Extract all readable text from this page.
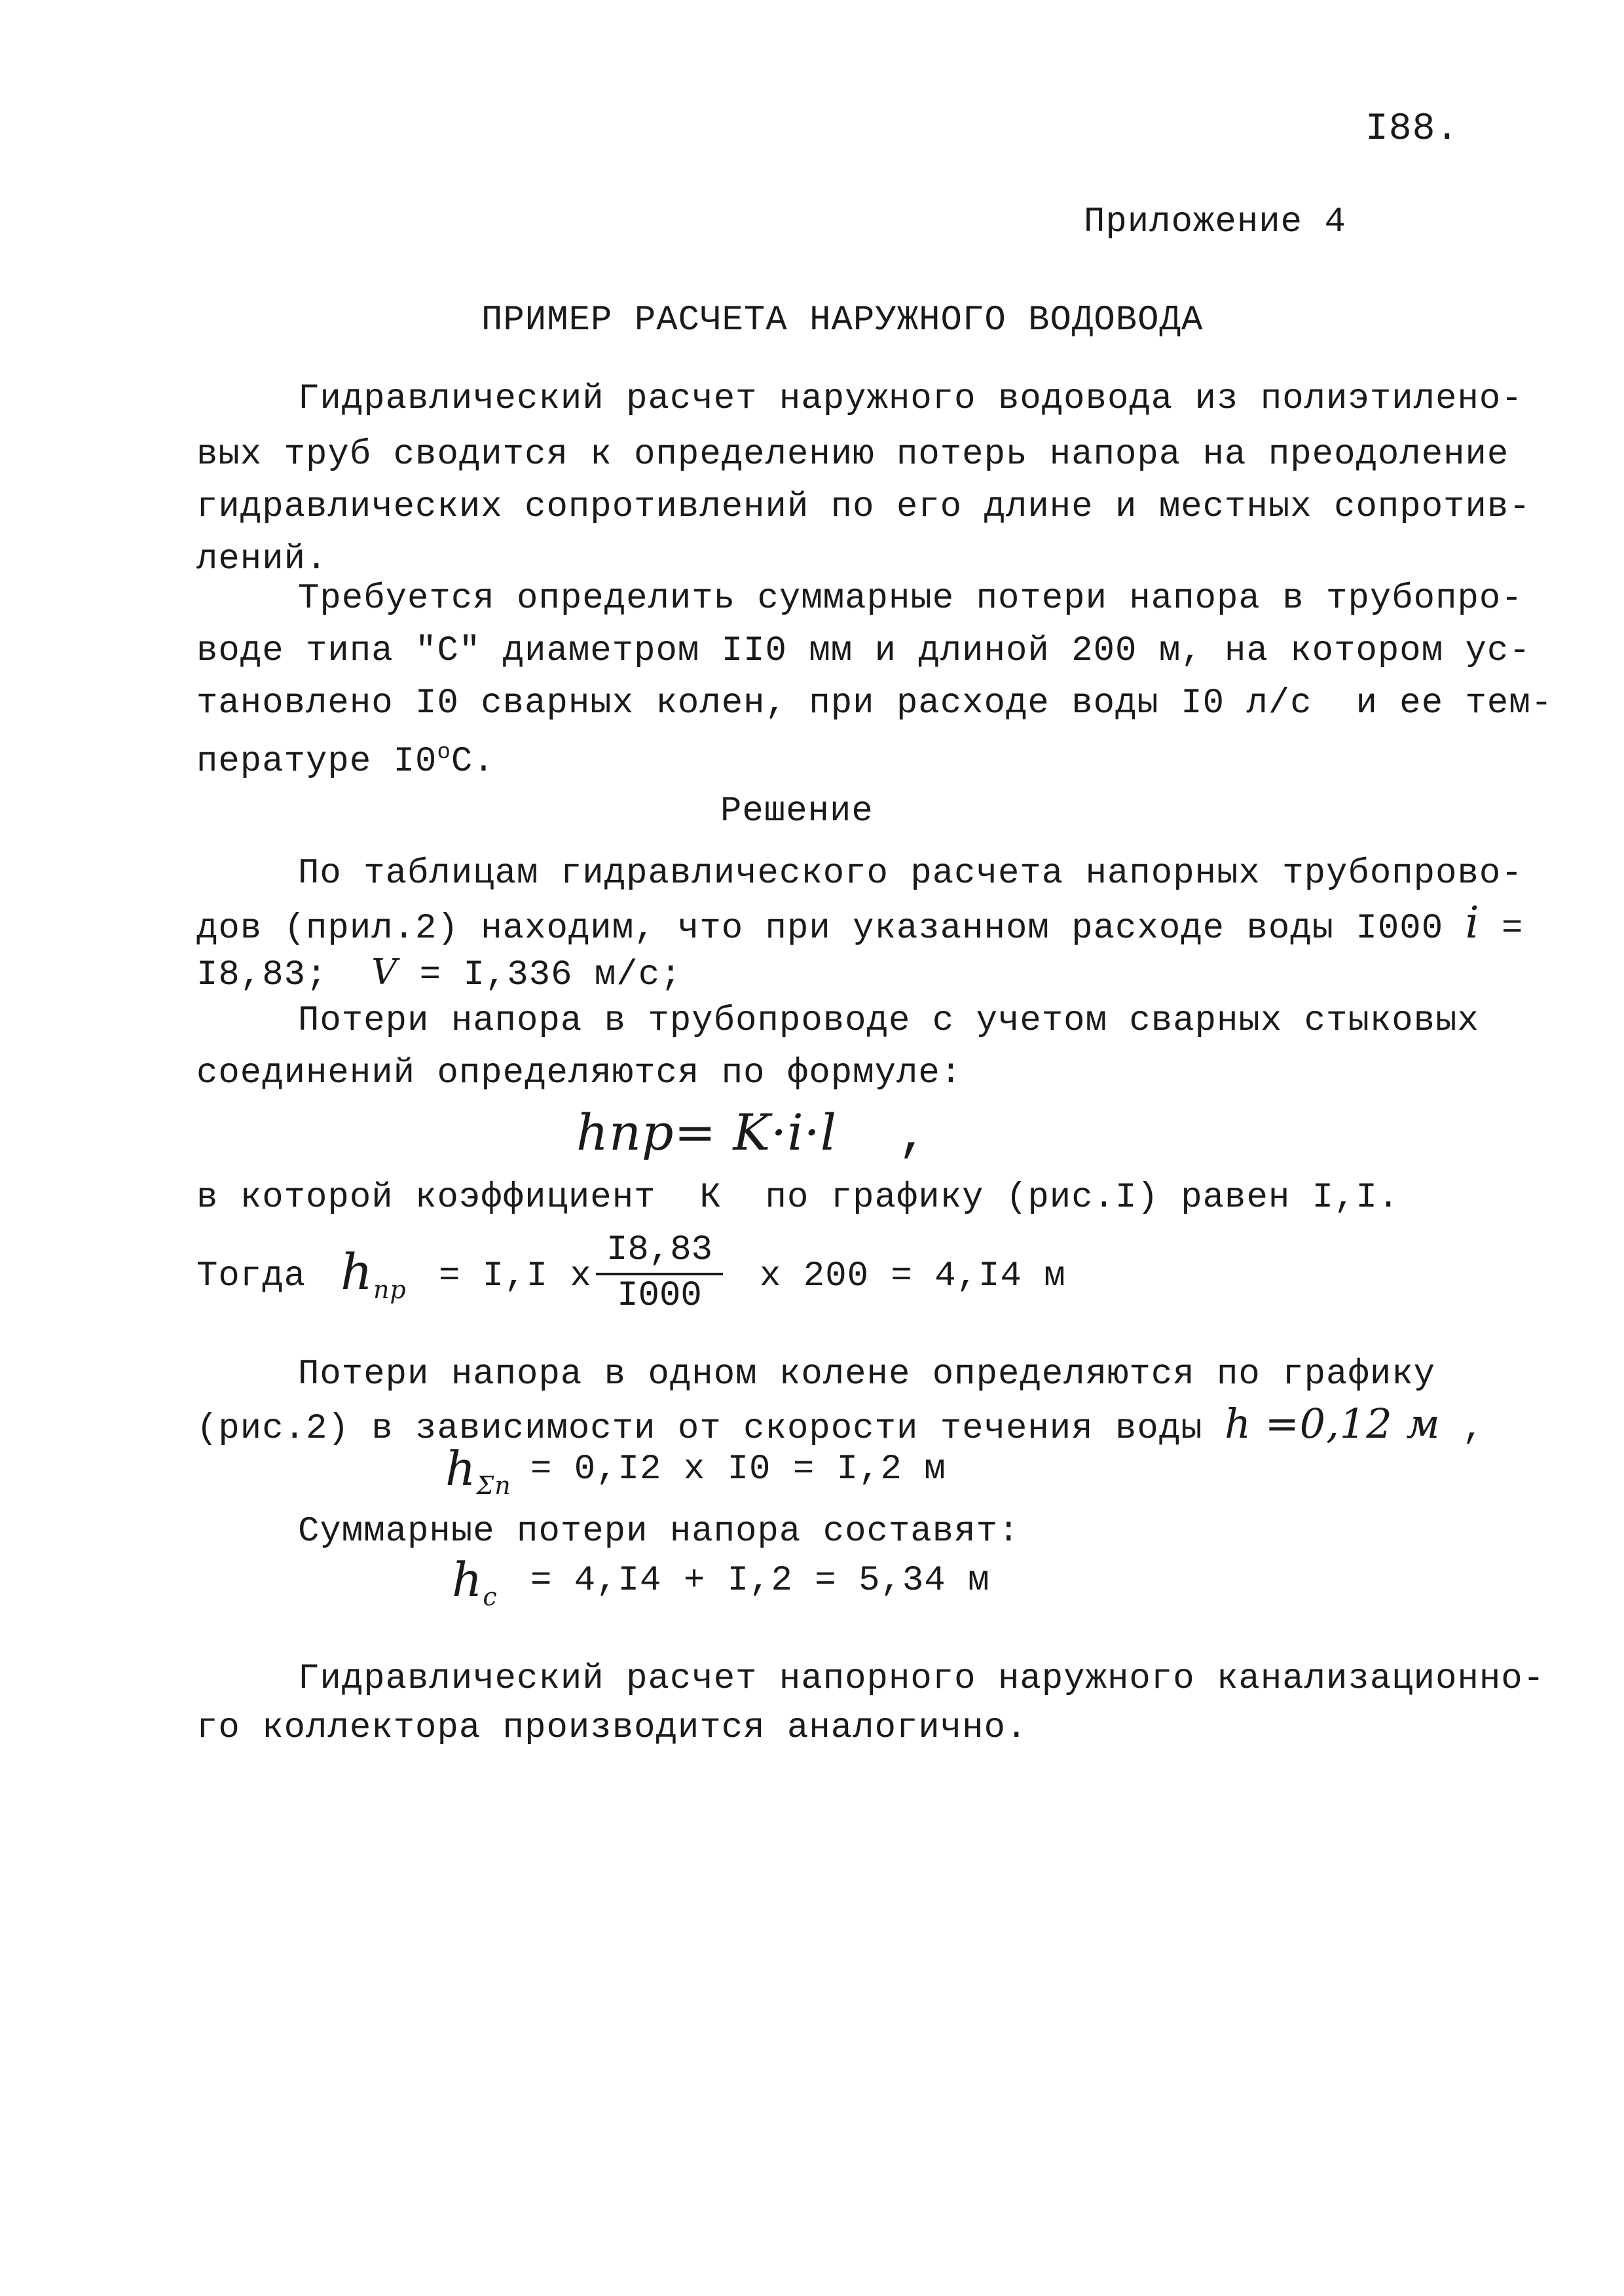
I88.
Приложение 4
ПРИМЕР РАСЧЕТА НАРУЖНОГО ВОДОВОДА
Гидравлический расчет наружного водовода из полиэтилено-
вых труб сводится к определению потерь напора на преодоление
гидравлических сопротивлений по его длине и местных сопротив-
лений.
Требуется определить суммарные потери напора в трубопро-
воде типа "С" диаметром II0 мм и длиной 200 м, на котором ус-
тановлено I0 сварных колен, при расходе воды I0 л/с  и ее тем-
пературе $I0^оС$.
Решение
По таблицам гидравлического расчета напорных трубопрово-
дов (прил.2) находим, что при указанном расходе воды I000 i =
I8,83; V = I,336 м/с;
Потери напора в трубопроводе с учетом сварных стыковых
соединений определяются по формуле:
hпр= K·i·l ,
в которой коэффициент  К  по графику (рис.I) равен I,I.
Тогда hпр = I,I x $\frac{I8,83}{I000}$ x 200 = 4,I4 м
Потери напора в одном колене определяются по графику
(рис.2) в зависимости от скорости течения воды h =0,12 м ,
hΣn = 0,I2 x I0 = I,2 м
Суммарные потери напора составят:
hc = 4,I4 + I,2 = 5,34 м
Гидравлический расчет напорного наружного канализационно-
го коллектора производится аналогично.
